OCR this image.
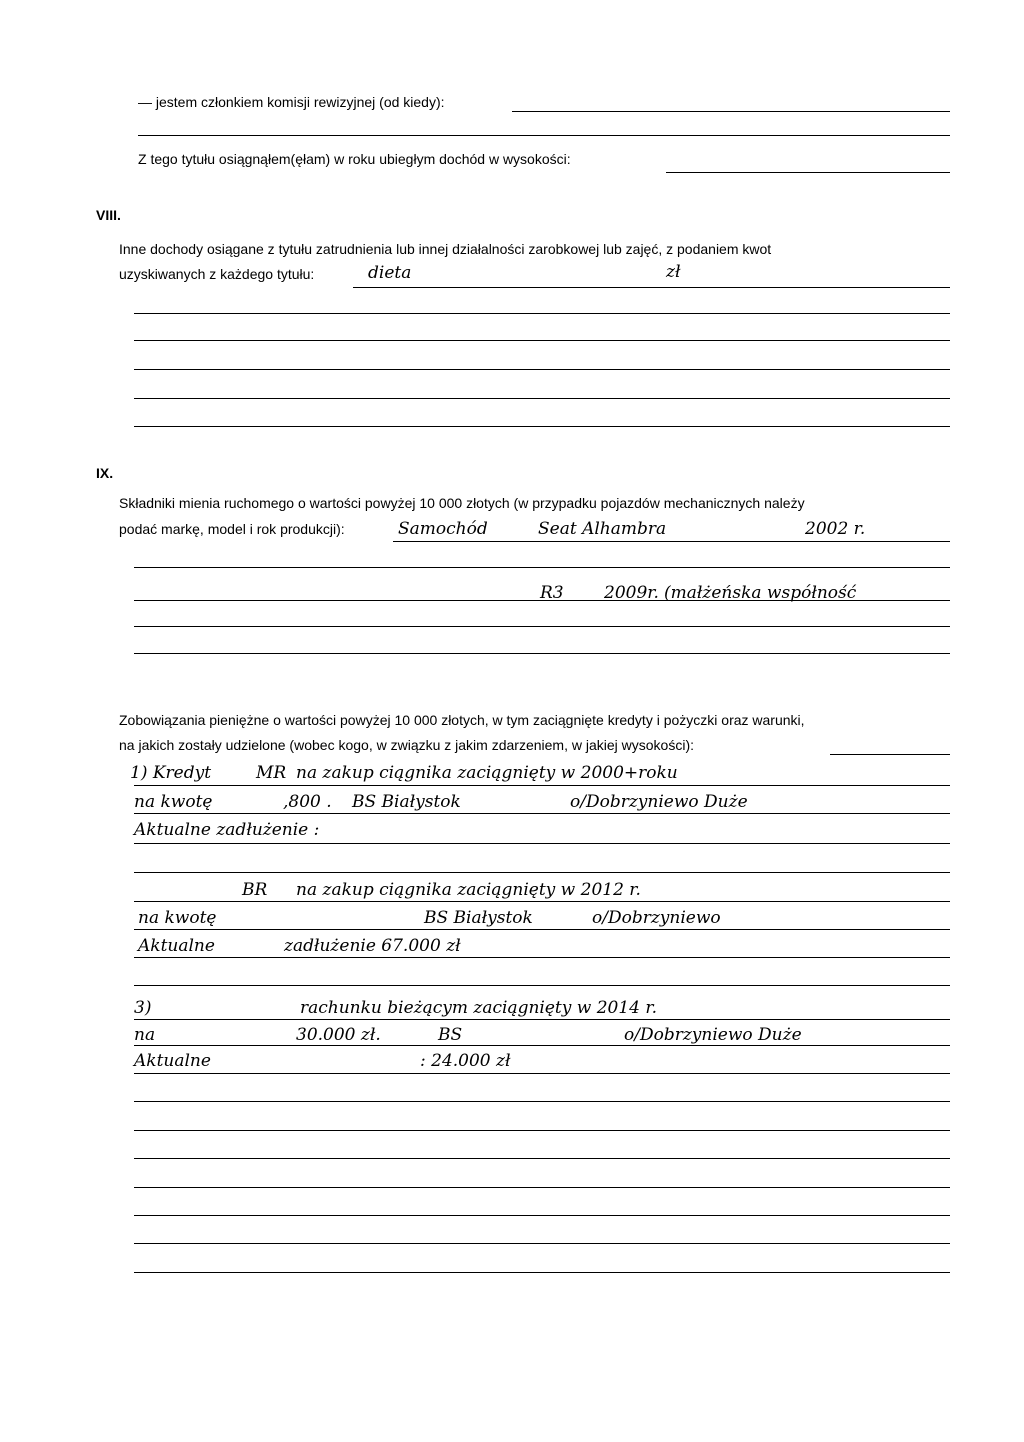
— jestem członkiem komisji rewizyjnej (od kiedy):
Z tego tytułu osiągnąłem(ęłam) w roku ubiegłym dochód w wysokości:
VIII.
Inne dochody osiągane z tytułu zatrudnienia lub innej działalności zarobkowej lub zajęć, z podaniem kwot
uzyskiwanych z każdego tytułu:	dieta	zł
IX.
Składniki mienia ruchomego o wartości powyżej 10 000 złotych (w przypadku pojazdów mechanicznych należy
podać markę, model i rok produkcji):	Samochód	Seat Alhambra	2002 r.
R3 2009r. (małżeńska współność
Zobowiązania pieniężne o wartości powyżej 10 000 złotych, w tym zaciągnięte kredyty i pożyczki oraz warunki,
na jakich zostały udzielone (wobec kogo, w związku z jakim zdarzeniem, w jakiej wysokości):
1) Kredyt	MR na zakup ciągnika zaciągnięty w 2000+roku
na kwotę	,800 . BS Białystok	o/Dobrzyniewo Duże
Aktualne zadłużenie :
BR na zakup ciągnika zaciągnięty w 2012 r.
na kwotę	BS Białystok	o/Dobrzyniewo
Aktualne	zadłużenie 67.000 zł
3)	rachunku bieżącym zaciągnięty w 2014 r.
na	30.000 zł.	BS	o/Dobrzyniewo Duże
Aktualne	: 24.000 zł
